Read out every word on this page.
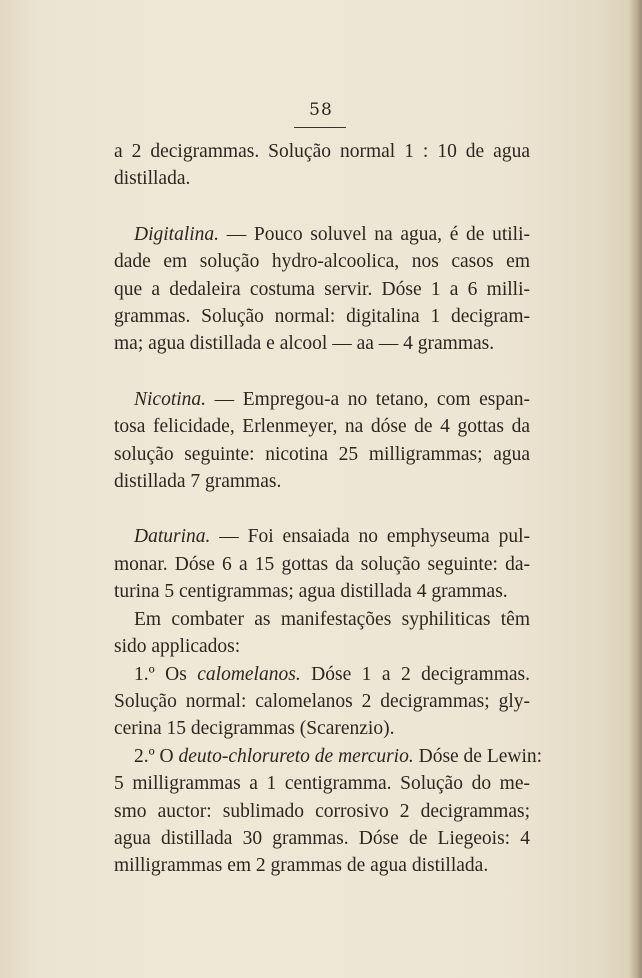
58
a 2 decigrammas. Solução normal 1 : 10 de agua
distillada.
Digitalina. — Pouco soluvel na agua, é de utili-
dade em solução hydro-alcoolica, nos casos em
que a dedaleira costuma servir. Dóse 1 a 6 milli-
grammas. Solução normal: digitalina 1 decigram-
ma; agua distillada e alcool — aa — 4 grammas.
Nicotina. — Empregou-a no tetano, com espan-
tosa felicidade, Erlenmeyer, na dóse de 4 gottas da
solução seguinte: nicotina 25 milligrammas; agua
distillada 7 grammas.
Daturina. — Foi ensaiada no emphyseuma pul-
monar. Dóse 6 a 15 gottas da solução seguinte: da-
turina 5 centigrammas; agua distillada 4 grammas.
Em combater as manifestações syphiliticas têm
sido applicados:
1.º Os calomelanos. Dóse 1 a 2 decigrammas.
Solução normal: calomelanos 2 decigrammas; gly-
cerina 15 decigrammas (Scarenzio).
2.º O deuto-chlorureto de mercurio. Dóse de Lewin:
5 milligrammas a 1 centigramma. Solução do me-
smo auctor: sublimado corrosivo 2 decigrammas;
agua distillada 30 grammas. Dóse de Liegeois: 4
milligrammas em 2 grammas de agua distillada.
